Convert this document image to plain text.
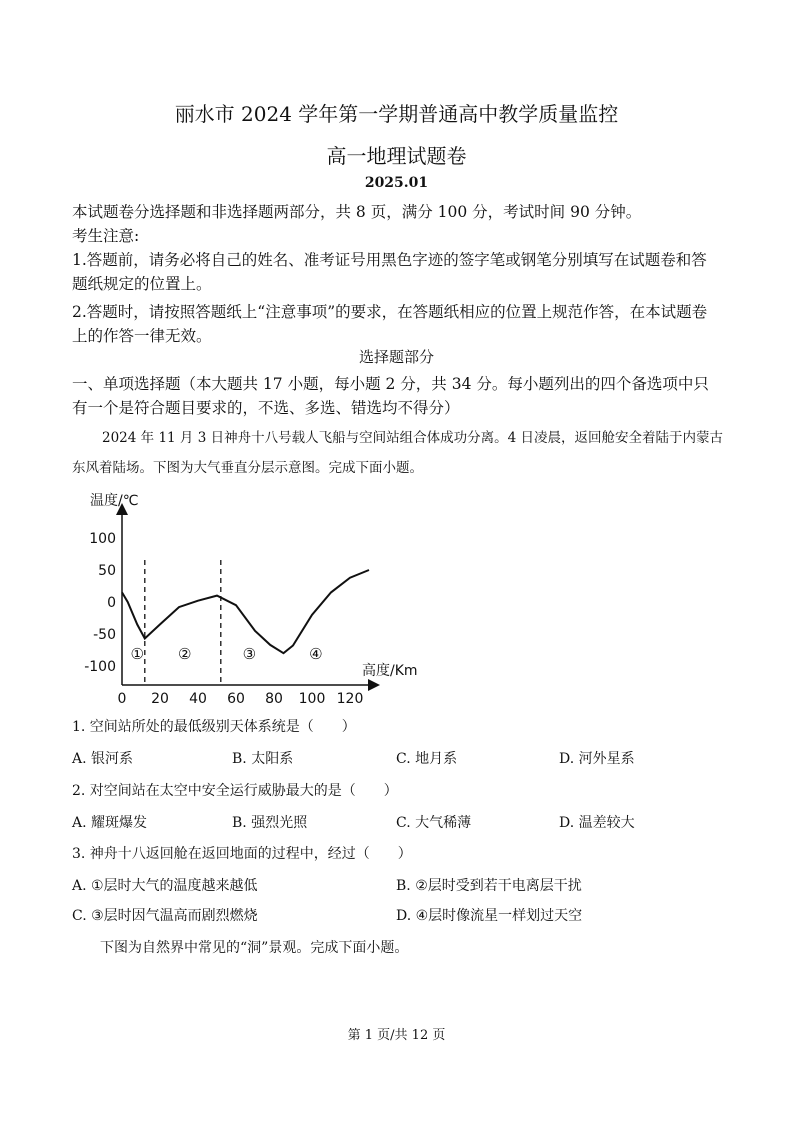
丽水市 2024 学年第一学期普通高中教学质量监控
高一地理试题卷
2025.01
本试题卷分选择题和非选择题两部分，共 8 页，满分 100 分，考试时间 90 分钟。
考生注意:
1.答题前，请务必将自己的姓名、准考证号用黑色字迹的签字笔或钢笔分别填写在试题卷和答
题纸规定的位置上。
2.答题时，请按照答题纸上“注意事项”的要求，在答题纸相应的位置上规范作答，在本试题卷
上的作答一律无效。
选择题部分
一、单项选择题（本大题共 17 小题，每小题 2 分，共 34 分。每小题列出的四个备选项中只
有一个是符合题目要求的，不选、多选、错选均不得分）
2024 年 11 月 3 日神舟十八号载人飞船与空间站组合体成功分离。4 日凌晨，返回舱安全着陆于内蒙古
东风着陆场。下图为大气垂直分层示意图。完成下面小题。
温度/℃
高度/Km
0 20 40 60 80 100 120
100
50
0
-50
-100
① ②	③	④
1. 空间站所处的最低级别天体系统是（　　）
A. 银河系	B. 太阳系	C. 地月系	D. 河外星系
2. 对空间站在太空中安全运行威胁最大的是（　　）
A. 耀斑爆发	B. 强烈光照	C. 大气稀薄	D. 温差较大
3. 神舟十八返回舱在返回地面的过程中，经过（　　）
A. ①层时大气的温度越来越低	B. ②层时受到若干电离层干扰
C. ③层时因气温高而剧烈燃烧	D. ④层时像流星一样划过天空
下图为自然界中常见的“洞”景观。完成下面小题。
第 1 页/共 12 页
